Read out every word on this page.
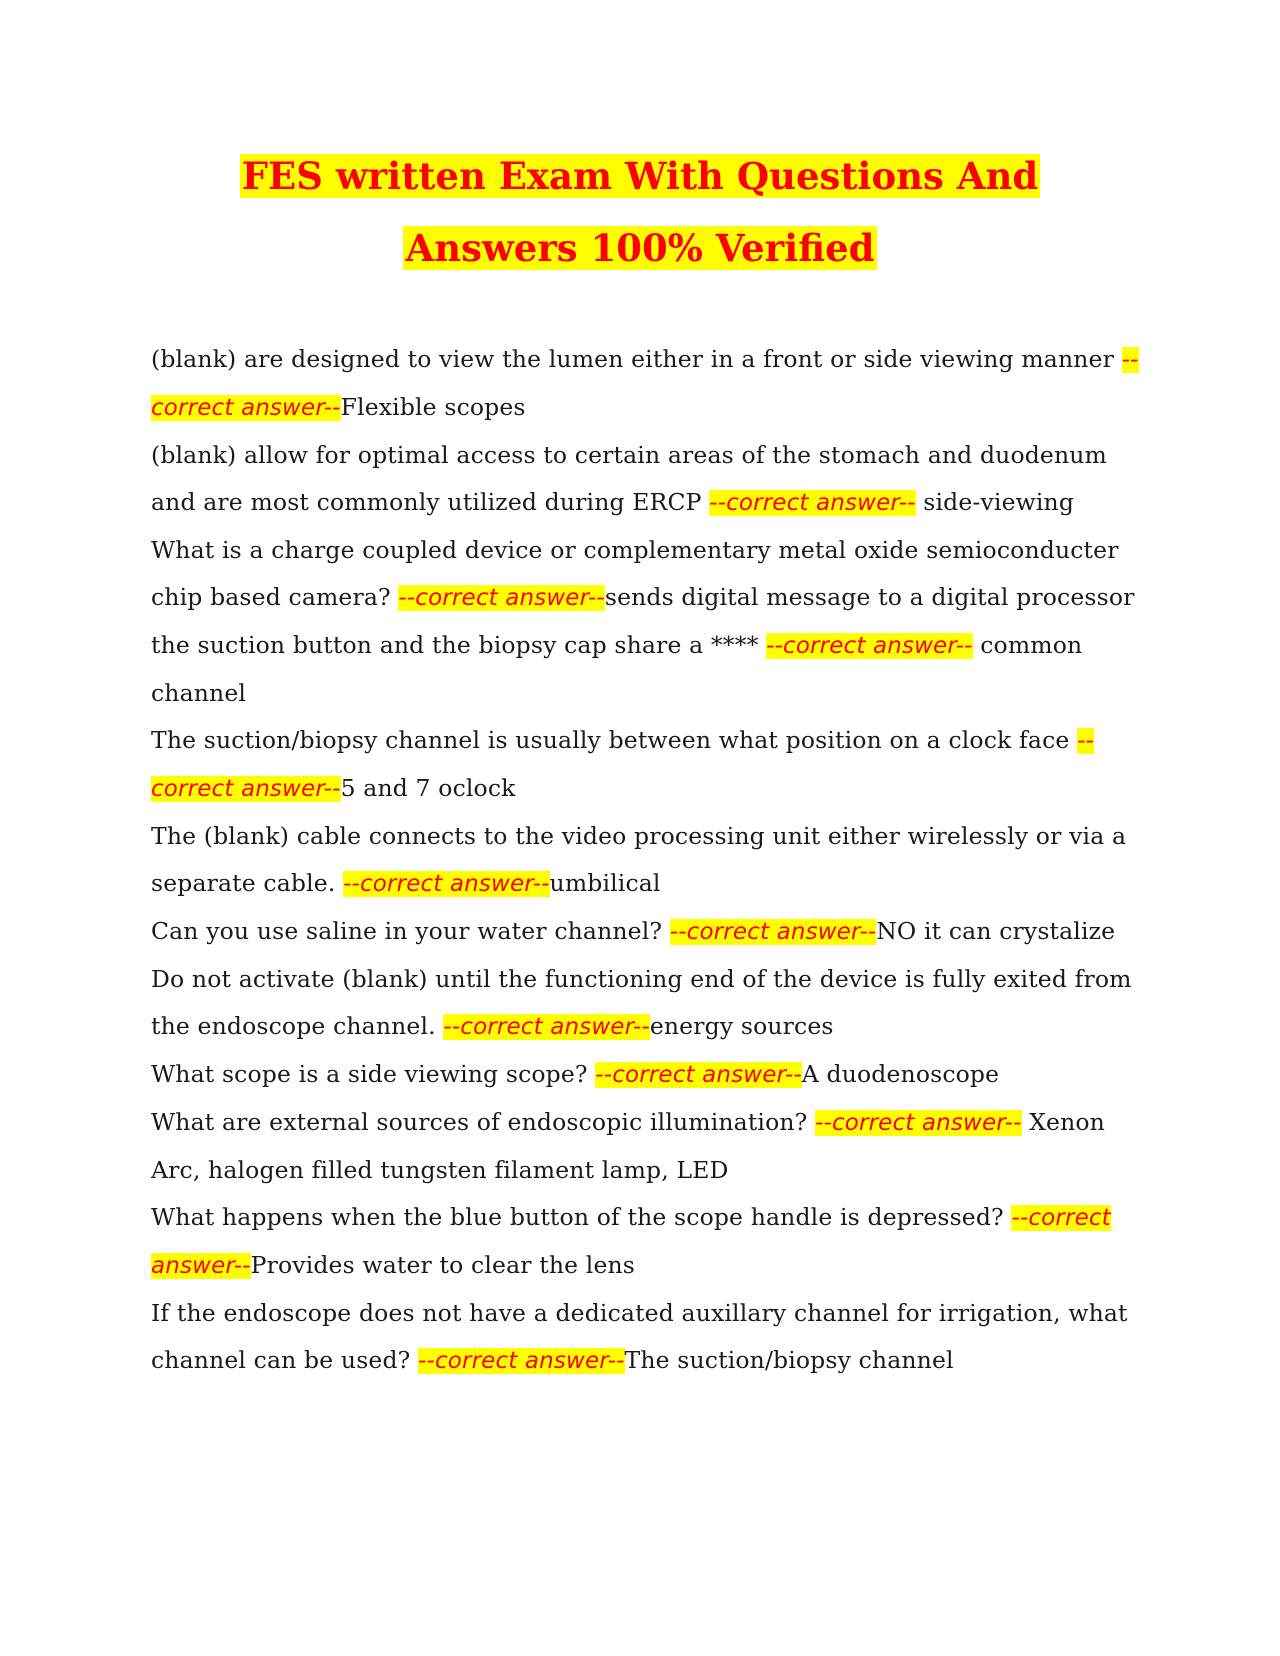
FES written Exam With Questions And
Answers 100% Verified

(blank) are designed to view the lumen either in a front or side viewing manner --correct answer--Flexible scopes

(blank) allow for optimal access to certain areas of the stomach and duodenum and are most commonly utilized during ERCP --correct answer-- side-viewing

What is a charge coupled device or complementary metal oxide semioconducter chip based camera? --correct answer--sends digital message to a digital processor

the suction button and the biopsy cap share a **** --correct answer-- common channel

The suction/biopsy channel is usually between what position on a clock face --correct answer--5 and 7 oclock

The (blank) cable connects to the video processing unit either wirelessly or via a separate cable. --correct answer--umbilical

Can you use saline in your water channel? --correct answer--NO it can crystalize

Do not activate (blank) until the functioning end of the device is fully exited from the endoscope channel. --correct answer--energy sources

What scope is a side viewing scope? --correct answer--A duodenoscope

What are external sources of endoscopic illumination? --correct answer-- Xenon Arc, halogen filled tungsten filament lamp, LED

What happens when the blue button of the scope handle is depressed? --correct answer--Provides water to clear the lens

If the endoscope does not have a dedicated auxillary channel for irrigation, what channel can be used? --correct answer--The suction/biopsy channel
